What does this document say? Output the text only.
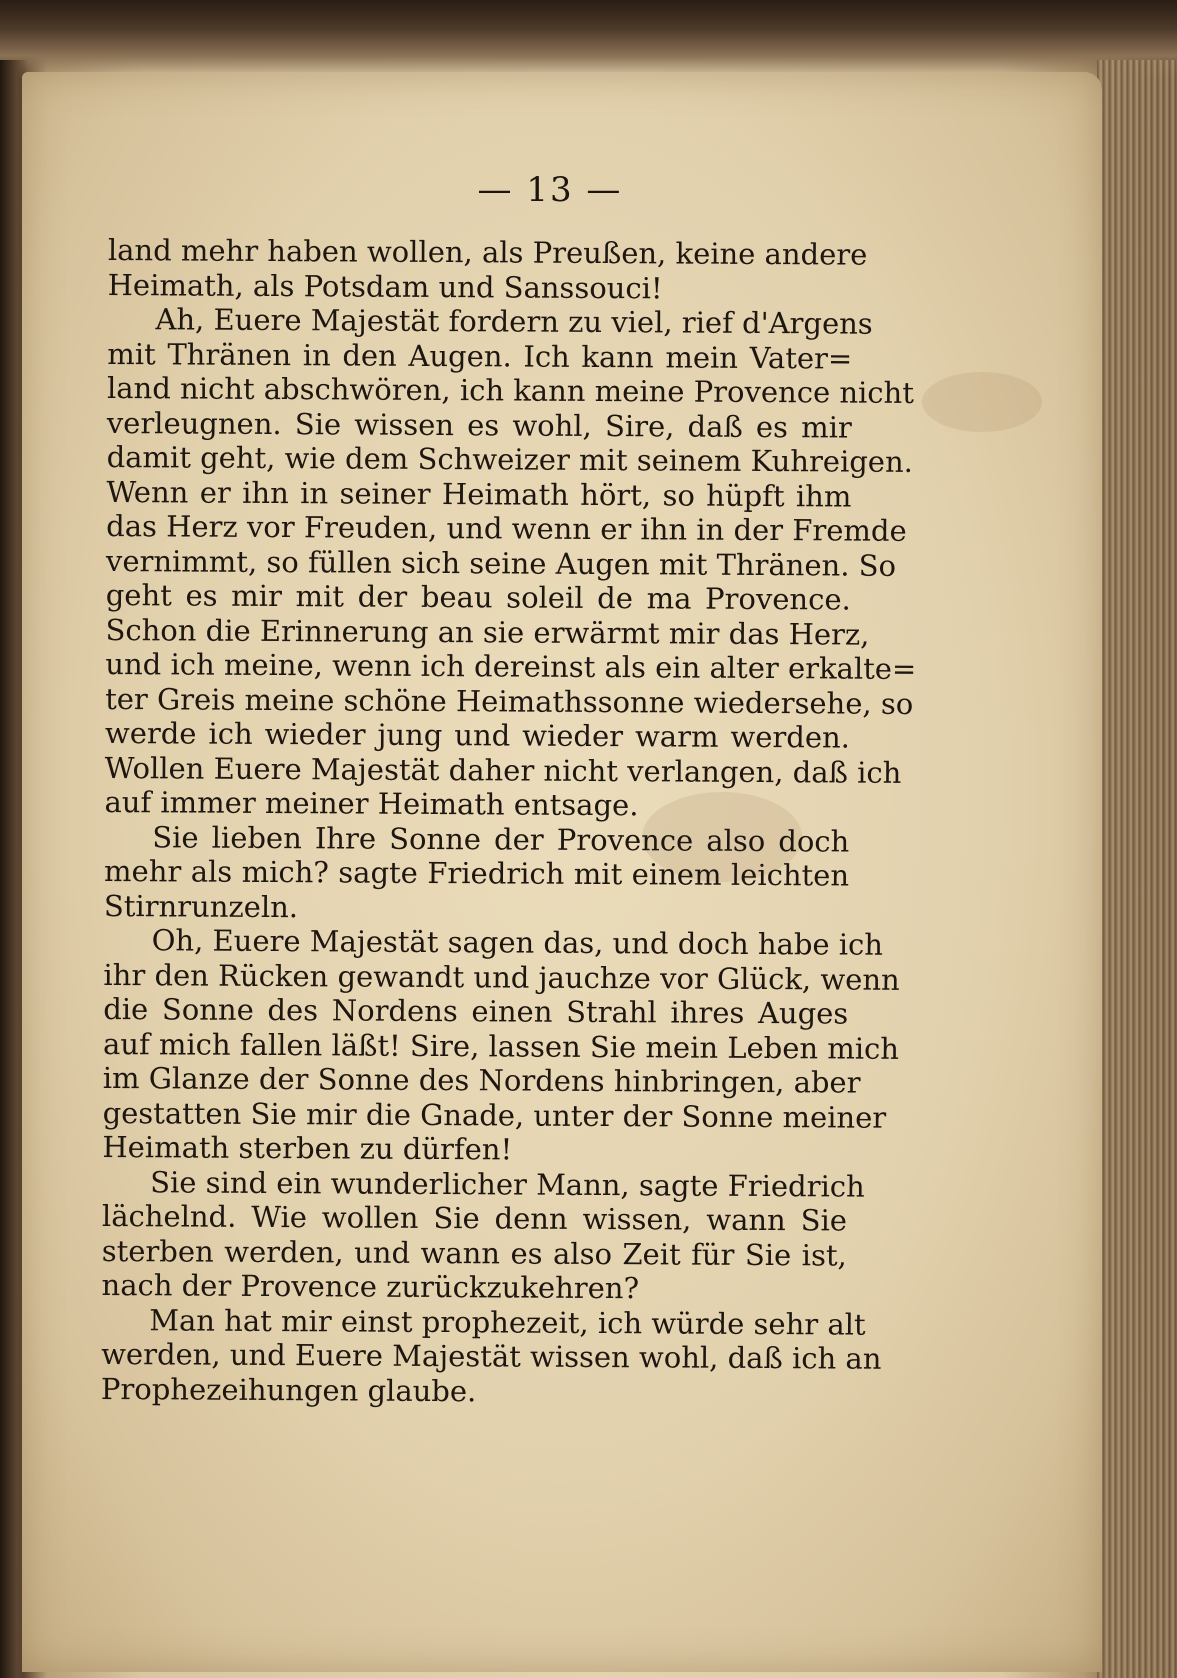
— 13 —
land mehr haben wollen, als Preußen, keine andere
Heimath, als Potsdam und Sanssouci!
Ah, Euere Majestät fordern zu viel, rief d'Argens
mit Thränen in den Augen. Ich kann mein Vater=
land nicht abschwören, ich kann meine Provence nicht
verleugnen. Sie wissen es wohl, Sire, daß es mir
damit geht, wie dem Schweizer mit seinem Kuhreigen.
Wenn er ihn in seiner Heimath hört, so hüpft ihm
das Herz vor Freuden, und wenn er ihn in der Fremde
vernimmt, so füllen sich seine Augen mit Thränen. So
geht es mir mit der beau soleil de ma Provence.
Schon die Erinnerung an sie erwärmt mir das Herz,
und ich meine, wenn ich dereinst als ein alter erkalte=
ter Greis meine schöne Heimathssonne wiedersehe, so
werde ich wieder jung und wieder warm werden.
Wollen Euere Majestät daher nicht verlangen, daß ich
auf immer meiner Heimath entsage.
Sie lieben Ihre Sonne der Provence also doch
mehr als mich? sagte Friedrich mit einem leichten
Stirnrunzeln.
Oh, Euere Majestät sagen das, und doch habe ich
ihr den Rücken gewandt und jauchze vor Glück, wenn
die Sonne des Nordens einen Strahl ihres Auges
auf mich fallen läßt! Sire, lassen Sie mein Leben mich
im Glanze der Sonne des Nordens hinbringen, aber
gestatten Sie mir die Gnade, unter der Sonne meiner
Heimath sterben zu dürfen!
Sie sind ein wunderlicher Mann, sagte Friedrich
lächelnd. Wie wollen Sie denn wissen, wann Sie
sterben werden, und wann es also Zeit für Sie ist,
nach der Provence zurückzukehren?
Man hat mir einst prophezeit, ich würde sehr alt
werden, und Euere Majestät wissen wohl, daß ich an
Prophezeihungen glaube.
